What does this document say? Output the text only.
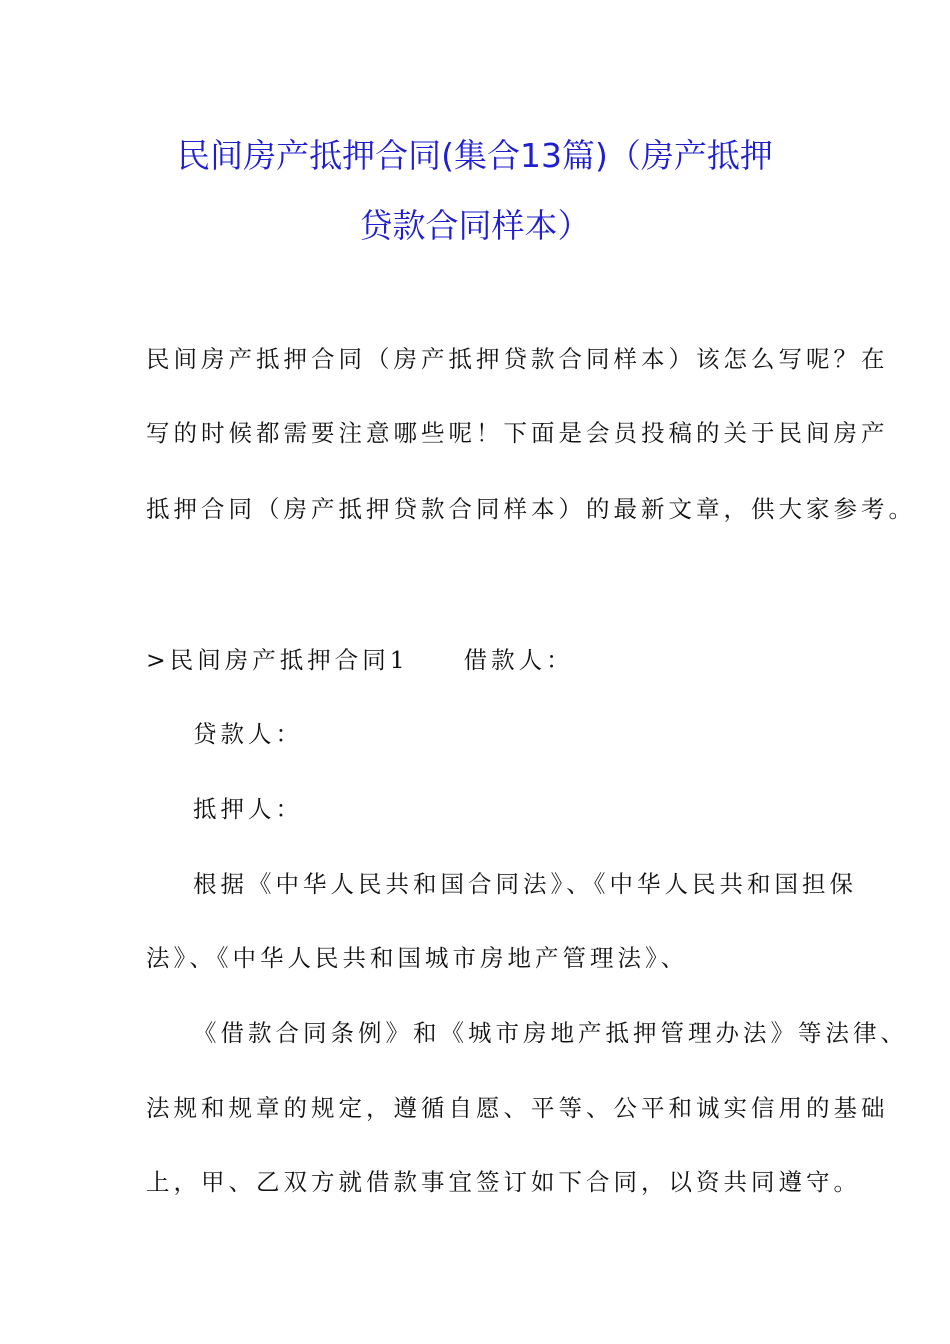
民间房产抵押合同(集合13篇)（房产抵押
贷款合同样本）
民间房产抵押合同（房产抵押贷款合同样本）该怎么写呢？在
写的时候都需要注意哪些呢！下面是会员投稿的关于民间房产
抵押合同（房产抵押贷款合同样本）的最新文章，供大家参考。
>民间房产抵押合同1　　借款人：
贷款人：
抵押人：
根据《中华人民共和国合同法》、《中华人民共和国担保
法》、《中华人民共和国城市房地产管理法》、
《借款合同条例》和《城市房地产抵押管理办法》等法律、
法规和规章的规定，遵循自愿、平等、公平和诚实信用的基础
上，甲、乙双方就借款事宜签订如下合同，以资共同遵守。
